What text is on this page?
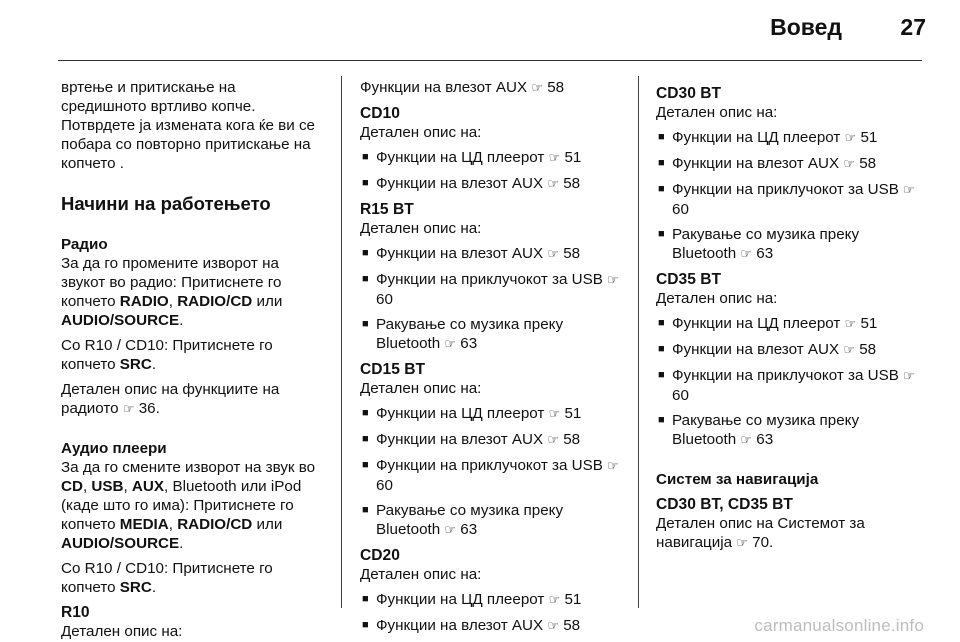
Вовед	27

вртење и притискање на
средишното вртливо копче.
Потврдете ја измената кога ќе ви се
побара со повторно притискање на
копчето .

Начини на работењето

Радио

За да го промените изворот на
звукот во радио: Притиснете го
копчето RADIO, RADIO/CD или
AUDIO/SOURCE.

Со R10 / CD10: Притиснете го
копчето SRC.

Детален опис на функциите на
радиото ☞ 36.

Аудио плеери

За да го смените изворот на звук во
CD, USB, AUX, Bluetooth или iPod
(каде што го има): Притиснете го
копчето MEDIA, RADIO/CD или
AUDIO/SOURCE.

Со R10 / CD10: Притиснете го
копчето SRC.

R10

Детален опис на:

Функции на влезот AUX ☞ 58

CD10

Детален опис на:

■ Функции на ЦД плеерот ☞ 51
■ Функции на влезот AUX ☞ 58

R15 BT

Детален опис на:

■ Функции на влезот AUX ☞ 58
■ Функции на приклучокот за USB ☞ 60
■ Ракување со музика преку Bluetooth ☞ 63

CD15 BT

Детален опис на:

■ Функции на ЦД плеерот ☞ 51
■ Функции на влезот AUX ☞ 58
■ Функции на приклучокот за USB ☞ 60
■ Ракување со музика преку Bluetooth ☞ 63

CD20

Детален опис на:

■ Функции на ЦД плеерот ☞ 51
■ Функции на влезот AUX ☞ 58

CD30 BT

Детален опис на:

■ Функции на ЦД плеерот ☞ 51
■ Функции на влезот AUX ☞ 58
■ Функции на приклучокот за USB ☞ 60
■ Ракување со музика преку Bluetooth ☞ 63

CD35 BT

Детален опис на:

■ Функции на ЦД плеерот ☞ 51
■ Функции на влезот AUX ☞ 58
■ Функции на приклучокот за USB ☞ 60
■ Ракување со музика преку Bluetooth ☞ 63

Систем за навигација

CD30 BT, CD35 BT

Детален опис на Системот за
навигација ☞ 70.

carmanualsonline.info
